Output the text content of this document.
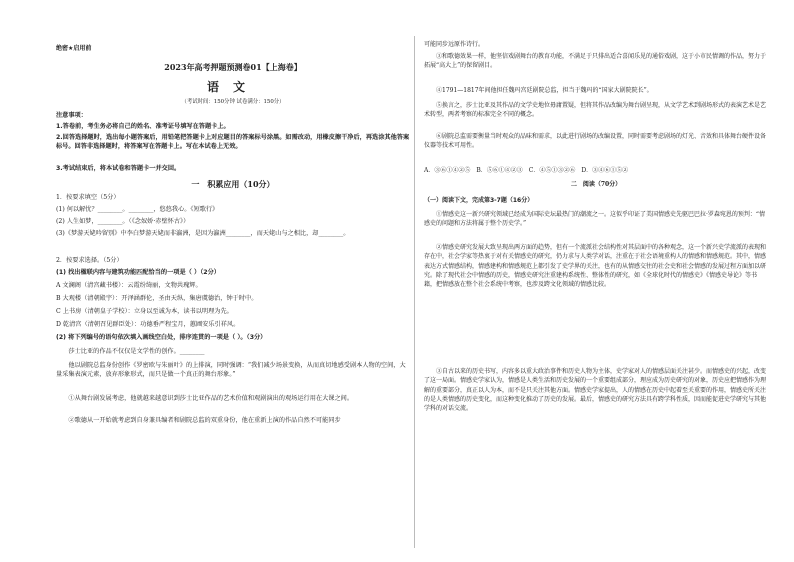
绝密★启用前
2023年高考押题预测卷01【上海卷】
语文
（考试时间：150分钟 试卷满分：150分）
注意事项：
1.答卷前，考生务必将自己的姓名、准考证号填写在答题卡上。
2.回答选择题时，选出每小题答案后，用铅笔把答题卡上对应题目的答案标号涂黑。如需改动，用橡皮擦干净后，再选涂其他答案标号。回答非选择题时，将答案写在答题卡上。写在本试卷上无效。
3.考试结束后，将本试卷和答题卡一并交回。
一　积累应用（10分）
1．按要求填空（5分）
(1) 何以解忧？________。________，悠悠我心。《短歌行》
(2) 人生如梦，________。（《念奴娇·赤壁怀古》）
(3)《梦游天姥吟留别》中李白梦游天姥而非瀛洲，是因为瀛洲________，而天姥山与之相比，却________。
2．按要求选择。（5分）
(1) 找出楹联内容与建筑功能匹配恰当的一项是（ ）（2分）
A 文澜阁（清宫藏书楼）：云霞纷绮丽，文物共瑰辉。
B 大观楼（清朝殿宇）：开泽涵群伦，圣由天纵，集唐虞德治，钟于时中。
C 上书房（清朝皇子学校）：立身以至诚为本，读书以明理为先。
D 乾清宫（清朝召见群臣处）：功德垂严程宝月，蕙圃安乐引祥风。
(2) 将下列编号的语句依次填入画线空白处，排序连贯的一项是（ ）。（3分）
莎士比亚的作品不仅仅是文学性的创作。________
他以剧院总监身份创作《罗密欧与朱丽叶》的上排演，同时强调：“我们减少场景变换，从而真切地感受剧本人物的空间，大量采集表演元素，放弃形象形式，而只是做一个真正的舞台形象。”
①从舞台剧发展考虑，他就越来越意识到莎士比亚作品的艺术价值和观剧演出的观场运行用在大课之间。
②歌德从一开始就考虑到自身兼具编者和剧院总监的双重身份，他在重新上演的作品自然不可能同步
可能同步远原作诗行。
③和歌德效果一样，他坚信戏剧舞台的教育功能，不满足于只排出适合喜闻乐见的通俗戏剧，这于小市民情调的作品，努力于拓展“高大上”的保留剧目。
④1791—1817年间他担任魏玛宫廷剧院总监，担当于魏玛的“国家大剧院院长”。
⑤换言之，莎士比亚及其作品的文学史地位毋庸置疑，但将其作品改编为舞台剧呈现，从文学艺术到剧场形式的表演艺术是艺术转型，两者考察的标准完全不同的概念。
⑥剧院总监需要衡量当时观众的品味和需求，以此进行剧场的改编设置，同时需要考虑剧场的灯光、音效和具体舞台硬件设备仪器等技术可用性。
A．③⑥①④②⑤　B．⑤⑥①④②③　C．④⑤①③②⑥　D．③④⑥①⑤②
二　阅读（70分）
（一）阅读下文，完成第3-7题（16分）
①情感史这一新兴研究领域已经成为国际史坛最热门的潮流之一。这似乎印证了美国情感史先驱巴巴拉·罗森宛恩的预判：“情感史的问题和方法将属于整个历史学。”
②情感史研究发展大致呈现出两方面的趋势，但有一个流派社会结构性对其层面中的各种观念，这一个新兴史学流派的表现和存在中，社会学家等热衷于对有关情感史的研究，仍力求与人类学对话，注重在于社会语境重构人的情感和情感规范。其中，情感表达方式情感结构，情感建构和情感规范上都引发了史学界的关注，也有的从情感交往的社会史和社会情感的发展过程方面加以研究。除了现代社会中情感的历史，情感史研究注重建构系统性、整体性的研究，如《全球化时代的情感史》《情感史导论》等书籍，把情感放在整个社会系统中考察，也涉及跨文化领域的情感比较。
③自古以来的历史书写，内容多以重大政治事件和历史人物为主体，史学家对人的情感层面关注甚少。而情感史的兴起，改变了这一局面。情感史学家认为，情感是人类生活和历史发展的一个重要组成部分，理应成为历史研究的对象，历史应把情感作为理解的重要部分，真正以人为本，而不是只关注其他方面。情感史学家提出，人的情感在历史中起着至关重要的作用，情感史所关注的是人类情感的历史变化，而这种变化推动了历史的发展。最后，情感史的研究方法具有跨学科性质，因而能促进史学研究与其他学科的对话交流。
